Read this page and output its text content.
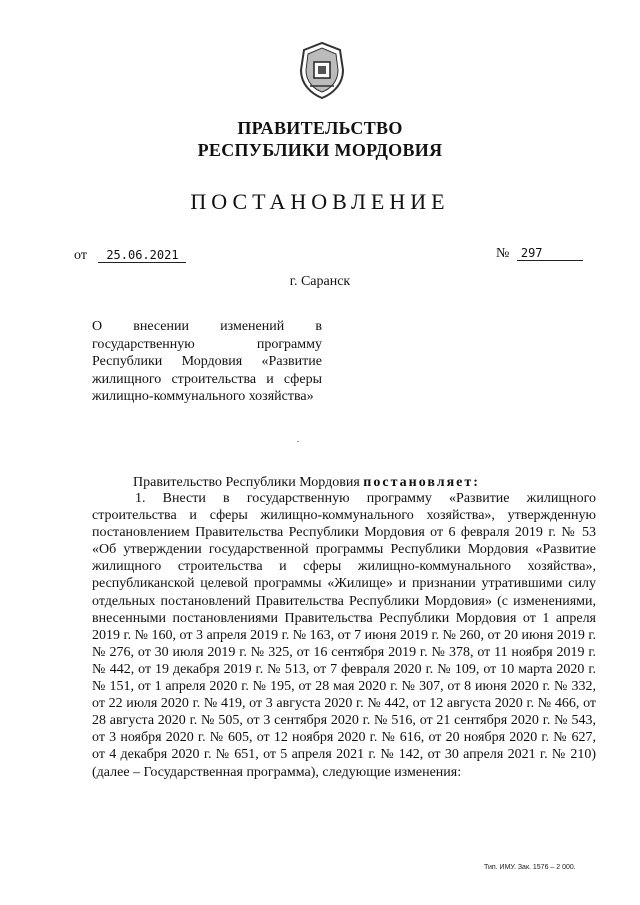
ПРАВИТЕЛЬСТВО
РЕСПУБЛИКИ МОРДОВИЯ
ПОСТАНОВЛЕНИЕ
от 25.06.2021	№ 297
г. Саранск
О внесении изменений в государственную программу Республики Мордовия «Развитие жилищного строительства и сферы жилищно-коммунального хозяйства»
Правительство Республики Мордовия постановляет:
1. Внести в государственную программу «Развитие жилищного строительства и сферы жилищно-коммунального хозяйства», утвержденную постановлением Правительства Республики Мордовия от 6 февраля 2019 г. № 53 «Об утверждении государственной программы Республики Мордовия «Развитие жилищного строительства и сферы жилищно-коммунального хозяйства», республиканской целевой программы «Жилище» и признании утратившими силу отдельных постановлений Правительства Республики Мордовия» (с изменениями, внесенными постановлениями Правительства Республики Мордовия от 1 апреля 2019 г. № 160, от 3 апреля 2019 г. № 163, от 7 июня 2019 г. № 260, от 20 июня 2019 г. № 276, от 30 июля 2019 г. № 325, от 16 сентября 2019 г. № 378, от 11 ноября 2019 г. № 442, от 19 декабря 2019 г. № 513, от 7 февраля 2020 г. № 109, от 10 марта 2020 г. № 151, от 1 апреля 2020 г. № 195, от 28 мая 2020 г. № 307, от 8 июня 2020 г. № 332, от 22 июля 2020 г. № 419, от 3 августа 2020 г. № 442, от 12 августа 2020 г. № 466, от 28 августа 2020 г. № 505, от 3 сентября 2020 г. № 516, от 21 сентября 2020 г. № 543, от 3 ноября 2020 г. № 605, от 12 ноября 2020 г. № 616, от 20 ноября 2020 г. № 627, от 4 декабря 2020 г. № 651, от 5 апреля 2021 г. № 142, от 30 апреля 2021 г. № 210) (далее – Государственная программа), следующие изменения:
Тип. ИМУ. Зак. 1576 – 2 000.
